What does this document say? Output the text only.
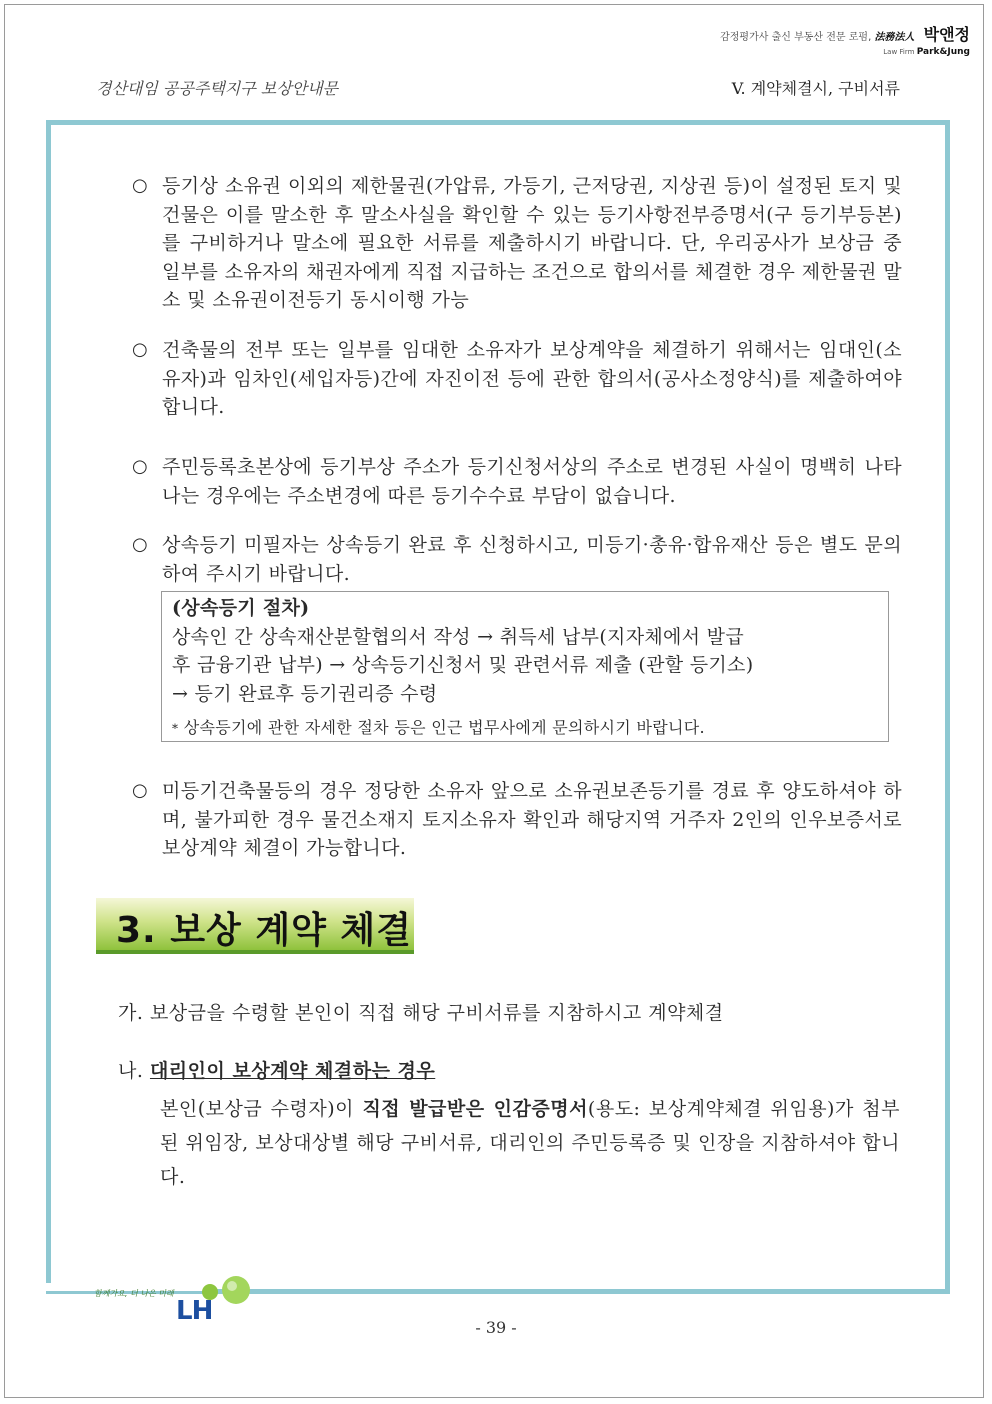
감정평가사 출신 부동산 전문 로펌, 法務法人 박앤정
Law Firm Park&Jung
경산대임 공공주택지구 보상안내문	V. 계약체결시, 구비서류
○ 등기상 소유권 이외의 제한물권(가압류, 가등기, 근저당권, 지상권 등)이 설정된 토지 및 건물은 이를 말소한 후 말소사실을 확인할 수 있는 등기사항전부증명서(구 등기부등본)를 구비하거나 말소에 필요한 서류를 제출하시기 바랍니다. 단, 우리공사가 보상금 중 일부를 소유자의 채권자에게 직접 지급하는 조건으로 합의서를 체결한 경우 제한물권 말소 및 소유권이전등기 동시이행 가능

○ 건축물의 전부 또는 일부를 임대한 소유자가 보상계약을 체결하기 위해서는 임대인(소유자)과 임차인(세입자등)간에 자진이전 등에 관한 합의서(공사소정양식)를 제출하여야 합니다.

○ 주민등록초본상에 등기부상 주소가 등기신청서상의 주소로 변경된 사실이 명백히 나타나는 경우에는 주소변경에 따른 등기수수료 부담이 없습니다.

○ 상속등기 미필자는 상속등기 완료 후 신청하시고, 미등기·총유·합유재산 등은 별도 문의하여 주시기 바랍니다.

(상속등기 절차)
상속인 간 상속재산분할협의서 작성 → 취득세 납부(지자체에서 발급
후 금융기관 납부) → 상속등기신청서 및 관련서류 제출 (관할 등기소)
→ 등기 완료후 등기권리증 수령
* 상속등기에 관한 자세한 절차 등은 인근 법무사에게 문의하시기 바랍니다.
○ 미등기건축물등의 경우 정당한 소유자 앞으로 소유권보존등기를 경료 후 양도하셔야 하며, 불가피한 경우 물건소재지 토지소유자 확인과 해당지역 거주자 2인의 인우보증서로 보상계약 체결이 가능합니다.

3. 보상 계약 체결
가. 보상금을 수령할 본인이 직접 해당 구비서류를 지참하시고 계약체결
나. 대리인이 보상계약 체결하는 경우
본인(보상금 수령자)이 직접 발급받은 인감증명서(용도: 보상계약체결 위임용)가 첨부된 위임장, 보상대상별 해당 구비서류, 대리인의 주민등록증 및 인장을 지참하셔야 합니다.
함께가요, 더 나은 미래
LH
- 39 -
